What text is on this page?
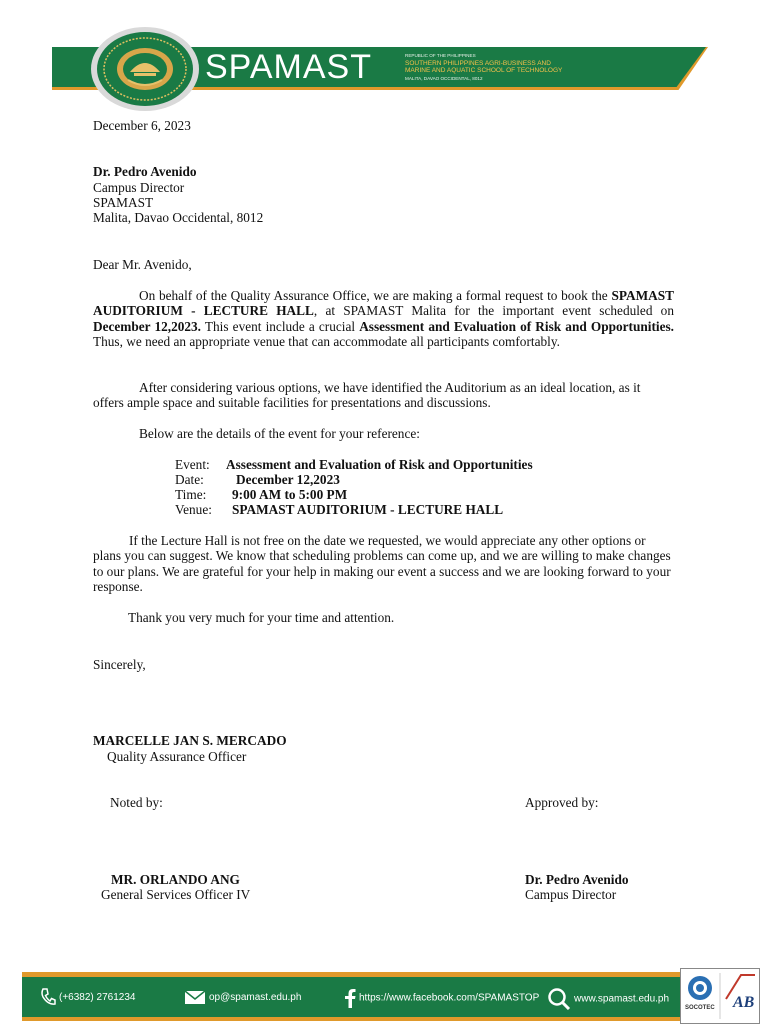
SPAMAST	REPUBLIC OF THE PHILIPPINES
SOUTHERN PHILIPPINES AGRI-BUSINESS AND
MARINE AND AQUATIC SCHOOL OF TECHNOLOGY
MALITA, DAVAO OCCIDENTAL, 8012
December 6, 2023
Dr. Pedro Avenido
Campus Director
SPAMAST
Malita, Davao Occidental, 8012
Dear Mr. Avenido,
On behalf of the Quality Assurance Office, we are making a formal request to book the SPAMAST AUDITORIUM - LECTURE HALL, at SPAMAST Malita for the important event scheduled on December 12,2023. This event include a crucial Assessment and Evaluation of Risk and Opportunities. Thus, we need an appropriate venue that can accommodate all participants comfortably.
After considering various options, we have identified the Auditorium as an ideal location, as it offers ample space and suitable facilities for presentations and discussions.
Below are the details of the event for your reference:
Event: Assessment and Evaluation of Risk and Opportunities
Date: December 12,2023
Time: 9:00 AM to 5:00 PM
Venue: SPAMAST AUDITORIUM - LECTURE HALL
If the Lecture Hall is not free on the date we requested, we would appreciate any other options or plans you can suggest. We know that scheduling problems can come up, and we are willing to make changes to our plans. We are grateful for your help in making our event a success and we are looking forward to your response.
Thank you very much for your time and attention.
Sincerely,
MARCELLE JAN S. MERCADO
Quality Assurance Officer
Noted by:	Approved by:
MR. ORLANDO ANG
General Services Officer IV
Dr. Pedro Avenido
Campus Director
(+6382) 2761234	op@spamast.edu.ph	https://www.facebook.com/SPAMASTOP	www.spamast.edu.ph
SOCOTEC AB
